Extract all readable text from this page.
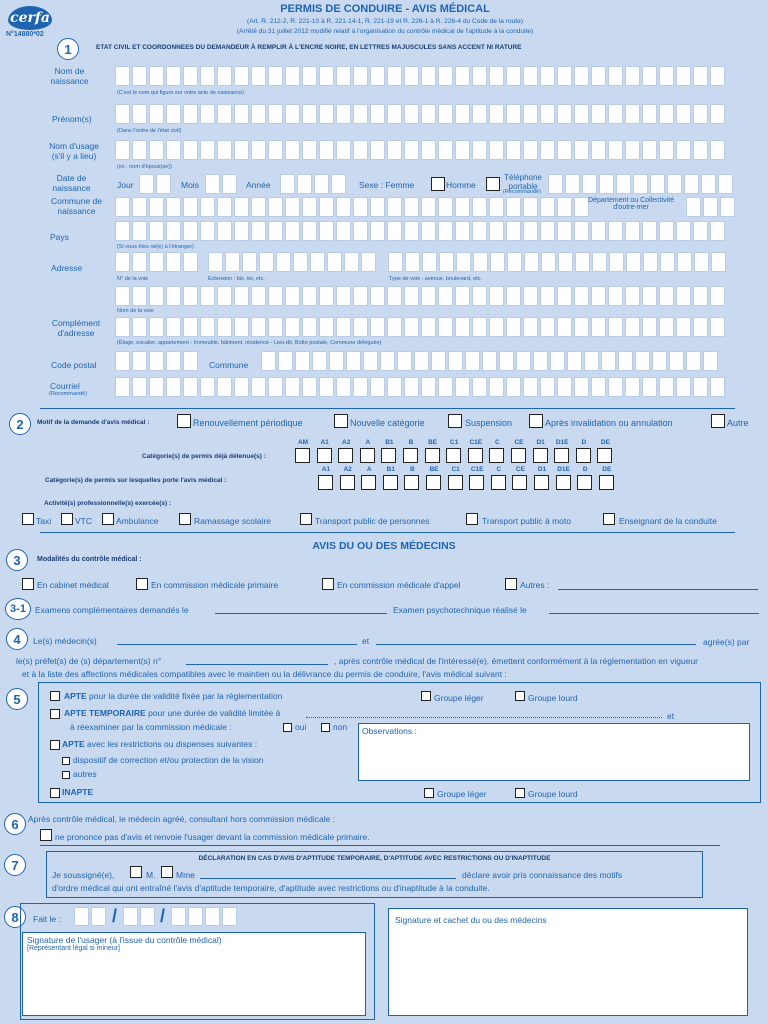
cerfa
N°14880*02
PERMIS DE CONDUIRE - AVIS MÉDICAL
(Art. R. 212-2, R. 221-10 à R. 221-14-1, R. 221-19 et R. 226-1 à R. 226-4 du Code de la route)
(Arrêté du 31 juillet 2012 modifié relatif à l'organisation du contrôle médical de l'aptitude à la conduite)
1	ETAT CIVIL ET COORDONNEES DU DEMANDEUR À REMPLIR À L'ENCRE NOIRE, EN LETTRES MAJUSCULES SANS ACCENT NI RATURE
Nom de naissance
(C'est le nom qui figure sur votre acte de naissance)
Prénom(s)
(Dans l'ordre de l'état civil)
Nom d'usage (s'il y a lieu)
(ex : nom d'époux(se))
Date de naissance	Jour	Mois	Année	Sexe : Femme	Homme
Téléphone portable
(Recommandé)
Commune de naissance
Département ou Collectivité d'outre-mer
Pays
(Si vous êtes né(e) à l'étranger)
Adresse
N° de la voie	Extension : bis, ter, etc.	Type de voie : avenue, boulevard, etc.
Nom de la voie
Complément d'adresse
(Étage, escalier, appartement - Immeuble, bâtiment, résidence - Lieu-dit, Boîte postale, Commune déléguée)
Code postal	Commune
Courriel
(Recommandé)
2	Motif de la demande d'avis médical :	Renouvellement périodique	Nouvelle catégorie	Suspension	Après invalidation ou annulation	Autre
AM	A1	A2	A	B1	B	BE	C1	C1E	C	CE	D1	D1E	D	DE
Catégorie(s) de permis déjà détenue(s) :
A1	A2	A	B1	B	BE	C1	C1E	C	CE	D1	D1E	D	DE
Catégorie(s) de permis sur lesquelles porte l'avis médical :
Activité(s) professionnelle(s) exercée(s) :
Taxi	VTC	Ambulance	Ramassage scolaire	Transport public de personnes	Transport public à moto	Enseignant de la conduite
AVIS DU OU DES MÉDECINS
3	Modalités du contrôle médical :
En cabinet médical	En commission médicale primaire	En commission médicale d'appel	Autres :
3-1	Examens complémentaires demandés le	Examen psychotechnique réalisé le
4	Le(s) médecin(s)	et	agrée(s) par
le(s) préfet(s) de (s) département(s) n°	, après contrôle médical de l'intéressé(e), émettent conformément à la réglementation en vigueur
et à la liste des affections médicales compatibles avec le maintien ou la délivrance du permis de conduire, l'avis médical suivant :
5	APTE pour la durée de validité fixée par la réglementation	Groupe léger	Groupe lourd
APTE TEMPORAIRE pour une durée de validité limitée à	et
à réexaminer par la commission médicale :	oui	non	Observations :
APTE avec les restrictions ou dispenses suivantes :
dispositif de correction et/ou protection de la vision
autres
INAPTE	Groupe léger	Groupe lourd
6	Après contrôle médical, le médecin agréé, consultant hors commission médicale :
ne prononce pas d'avis et renvoie l'usager devant la commission médicale primaire.
7	DÉCLARATION EN CAS D'AVIS D'APTITUDE TEMPORAIRE, D'APTITUDE AVEC RESTRICTIONS OU D'INAPTITUDE
Je soussigné(e),	M. Mme	déclare avoir pris connaissance des motifs
d'ordre médical qui ont entraîné l'avis d'aptitude temporaire, d'aptitude avec restrictions ou d'inaptitude à la conduite.
8	Fait le :	/ /
Signature de l'usager (à l'issue du contrôle médical)
[Représentant légal si mineur]
Signature et cachet du ou des médecins
